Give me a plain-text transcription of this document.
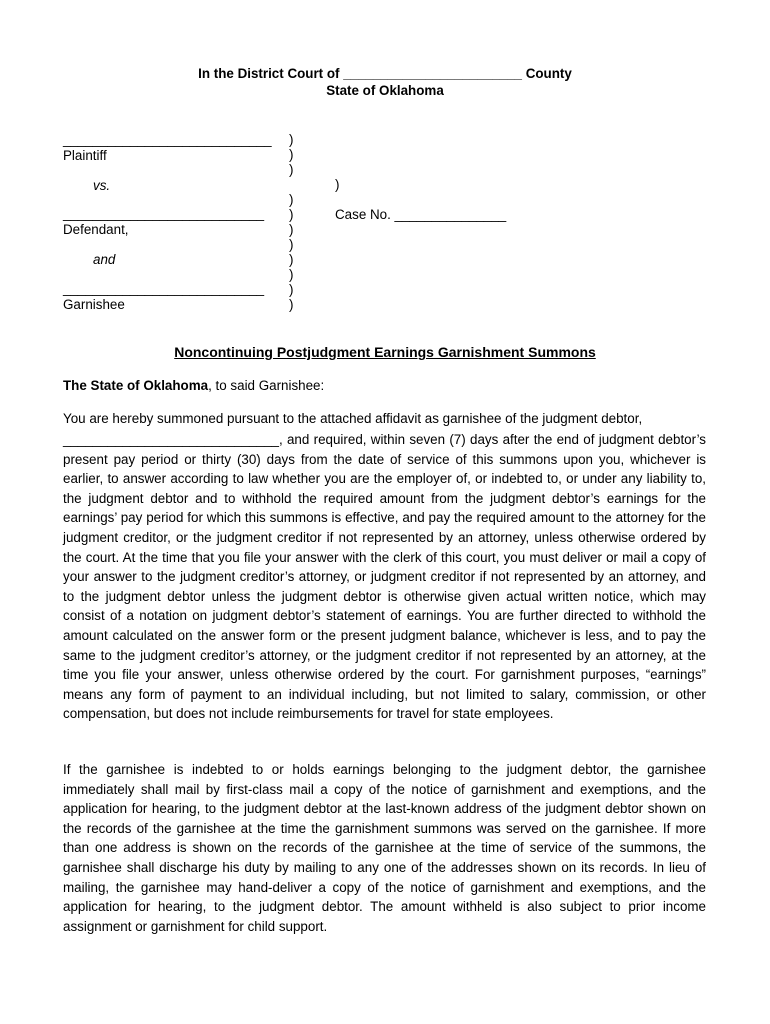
In the District Court of ________________________ County
State of Oklahoma
____________________________
Plaintiff
vs.
___________________________
Defendant,
and
___________________________
Garnishee
)
)
)
)
)
)
)
)
)
)
)
)
Case No. _______________
Noncontinuing Postjudgment Earnings Garnishment Summons
The State of Oklahoma, to said Garnishee:
You are hereby summoned pursuant to the attached affidavit as garnishee of the judgment debtor,
_____________________________, and required, within seven (7) days after the end of judgment debtor’s present pay period or thirty (30) days from the date of service of this summons upon you, whichever is earlier, to answer according to law whether you are the employer of, or indebted to, or under any liability to, the judgment debtor and to withhold the required amount from the judgment debtor’s earnings for the earnings’ pay period for which this summons is effective, and pay the required amount to the attorney for the judgment creditor, or the judgment creditor if not represented by an attorney, unless otherwise ordered by the court. At the time that you file your answer with the clerk of this court, you must deliver or mail a copy of your answer to the judgment creditor’s attorney, or judgment creditor if not represented by an attorney, and to the judgment debtor unless the judgment debtor is otherwise given actual written notice, which may consist of a notation on judgment debtor’s statement of earnings. You are further directed to withhold the amount calculated on the answer form or the present judgment balance, whichever is less, and to pay the same to the judgment creditor’s attorney, or the judgment creditor if not represented by an attorney, at the time you file your answer, unless otherwise ordered by the court. For garnishment purposes, “earnings” means any form of payment to an individual including, but not limited to salary, commission, or other compensation, but does not include reimbursements for travel for state employees.
If the garnishee is indebted to or holds earnings belonging to the judgment debtor, the garnishee immediately shall mail by first-class mail a copy of the notice of garnishment and exemptions, and the application for hearing, to the judgment debtor at the last-known address of the judgment debtor shown on the records of the garnishee at the time the garnishment summons was served on the garnishee. If more than one address is shown on the records of the garnishee at the time of service of the summons, the garnishee shall discharge his duty by mailing to any one of the addresses shown on its records. In lieu of mailing, the garnishee may hand-deliver a copy of the notice of garnishment and exemptions, and the application for hearing, to the judgment debtor. The amount withheld is also subject to prior income assignment or garnishment for child support.
